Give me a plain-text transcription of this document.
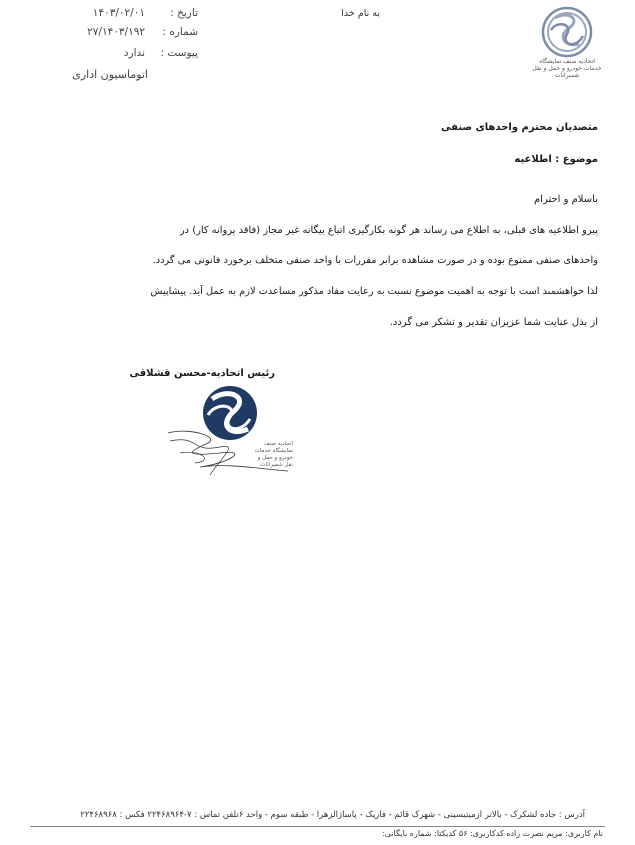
اتحادیه صنف نمایشگاه خدمات خودرو و حمل و نقل شمیرانات
به نام خدا
تاریخ :
۱۴۰۳/۰۲/۰۱
شماره :
۲۷/۱۴۰۳/۱۹۲
پیوست :
ندارد
اتوماسیون اداری
متصدیان محترم واحدهای صنفی
موضوع : اطلاعیه
باسلام و احترام
پیرو اطلاعیه های قبلی، به اطلاع می رساند هر گونه بکارگیری اتباع بیگانه غیر مجاز (فاقد پروانه کار) در
واحدهای صنفی ممنوع بوده و در صورت مشاهده برابر مقررات با واحد صنفی متخلف برخورد قانونی می گردد.
لذا خواهشمند است با توجه به اهمیت موضوع نسبت به رعایت مفاد مذکور مساعدت لازم به عمل آید. پیشاپیش
از بذل عنایت شما عزیزان تقدیر و تشکر می گردد.
رئیس اتحادیه-محسن قشلاقی
اتحادیه صنف نمایشگاه خدمات خودرو و حمل و نقل شمیرانات
آدرس : جاده لشکرک - بالاتر ازمیتیسینی - شهرک قائم - فازیک - پاساژالزهرا - طبقه سوم - واحد ۶تلفن تماس : ۷-۲۲۴۶۸۹۶۴ فکس : ۲۲۴۶۸۹۶۸
نام کاربری: مریم نصرت زاده کدکاربری: ۵۶ کدیکتا: شماره بایگانی:
